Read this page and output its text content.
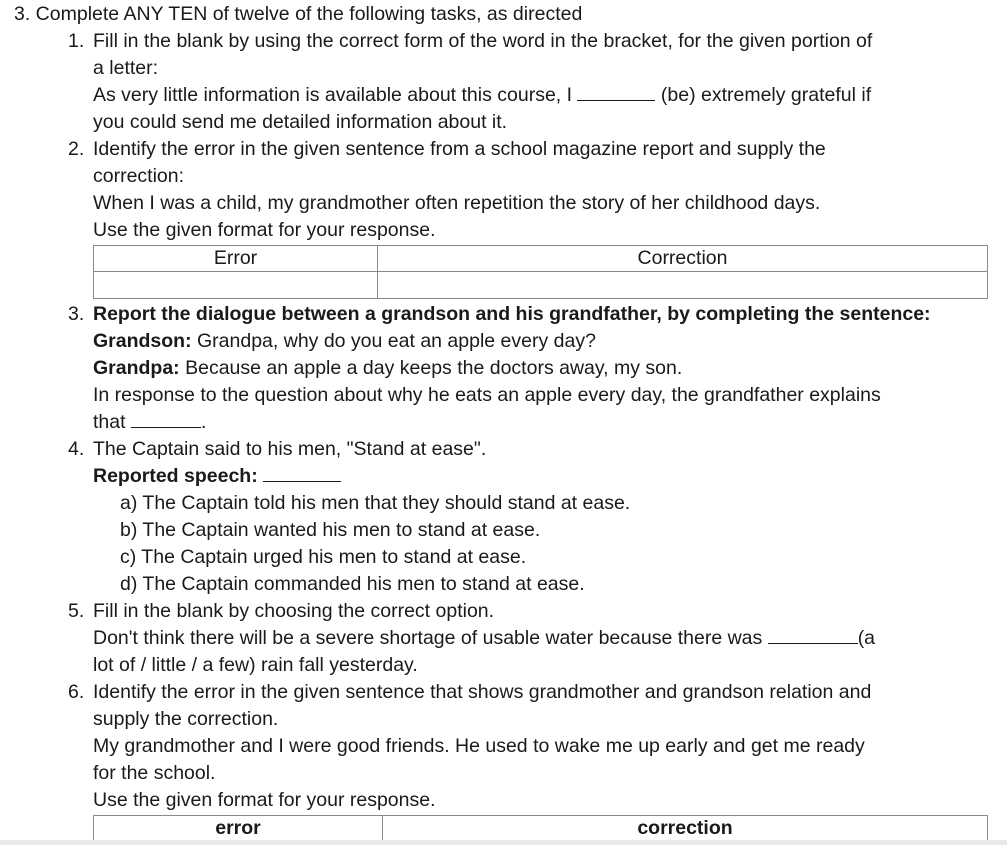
3. Complete ANY TEN of twelve of the following tasks, as directed
1. Fill in the blank by using the correct form of the word in the bracket, for the given portion of
a letter:
As very little information is available about this course, I	(be) extremely grateful if
you could send me detailed information about it.
2. Identify the error in the given sentence from a school magazine report and supply the
correction:
When I was a child, my grandmother often repetition the story of her childhood days.
Use the given format for your response.
Error	Correction

3. Report the dialogue between a grandson and his grandfather, by completing the sentence:
Grandson: Grandpa, why do you eat an apple every day?
Grandpa: Because an apple a day keeps the doctors away, my son.
In response to the question about why he eats an apple every day, the grandfather explains
that	.
4. The Captain said to his men, "Stand at ease".
Reported speech:
a) The Captain told his men that they should stand at ease.
b) The Captain wanted his men to stand at ease.
c) The Captain urged his men to stand at ease.
d) The Captain commanded his men to stand at ease.
5. Fill in the blank by choosing the correct option.
Don't think there will be a severe shortage of usable water because there was	(a
lot of / little / a few) rain fall yesterday.
6. Identify the error in the given sentence that shows grandmother and grandson relation and
supply the correction.
My grandmother and I were good friends. He used to wake me up early and get me ready
for the school.
Use the given format for your response.
error	correction
